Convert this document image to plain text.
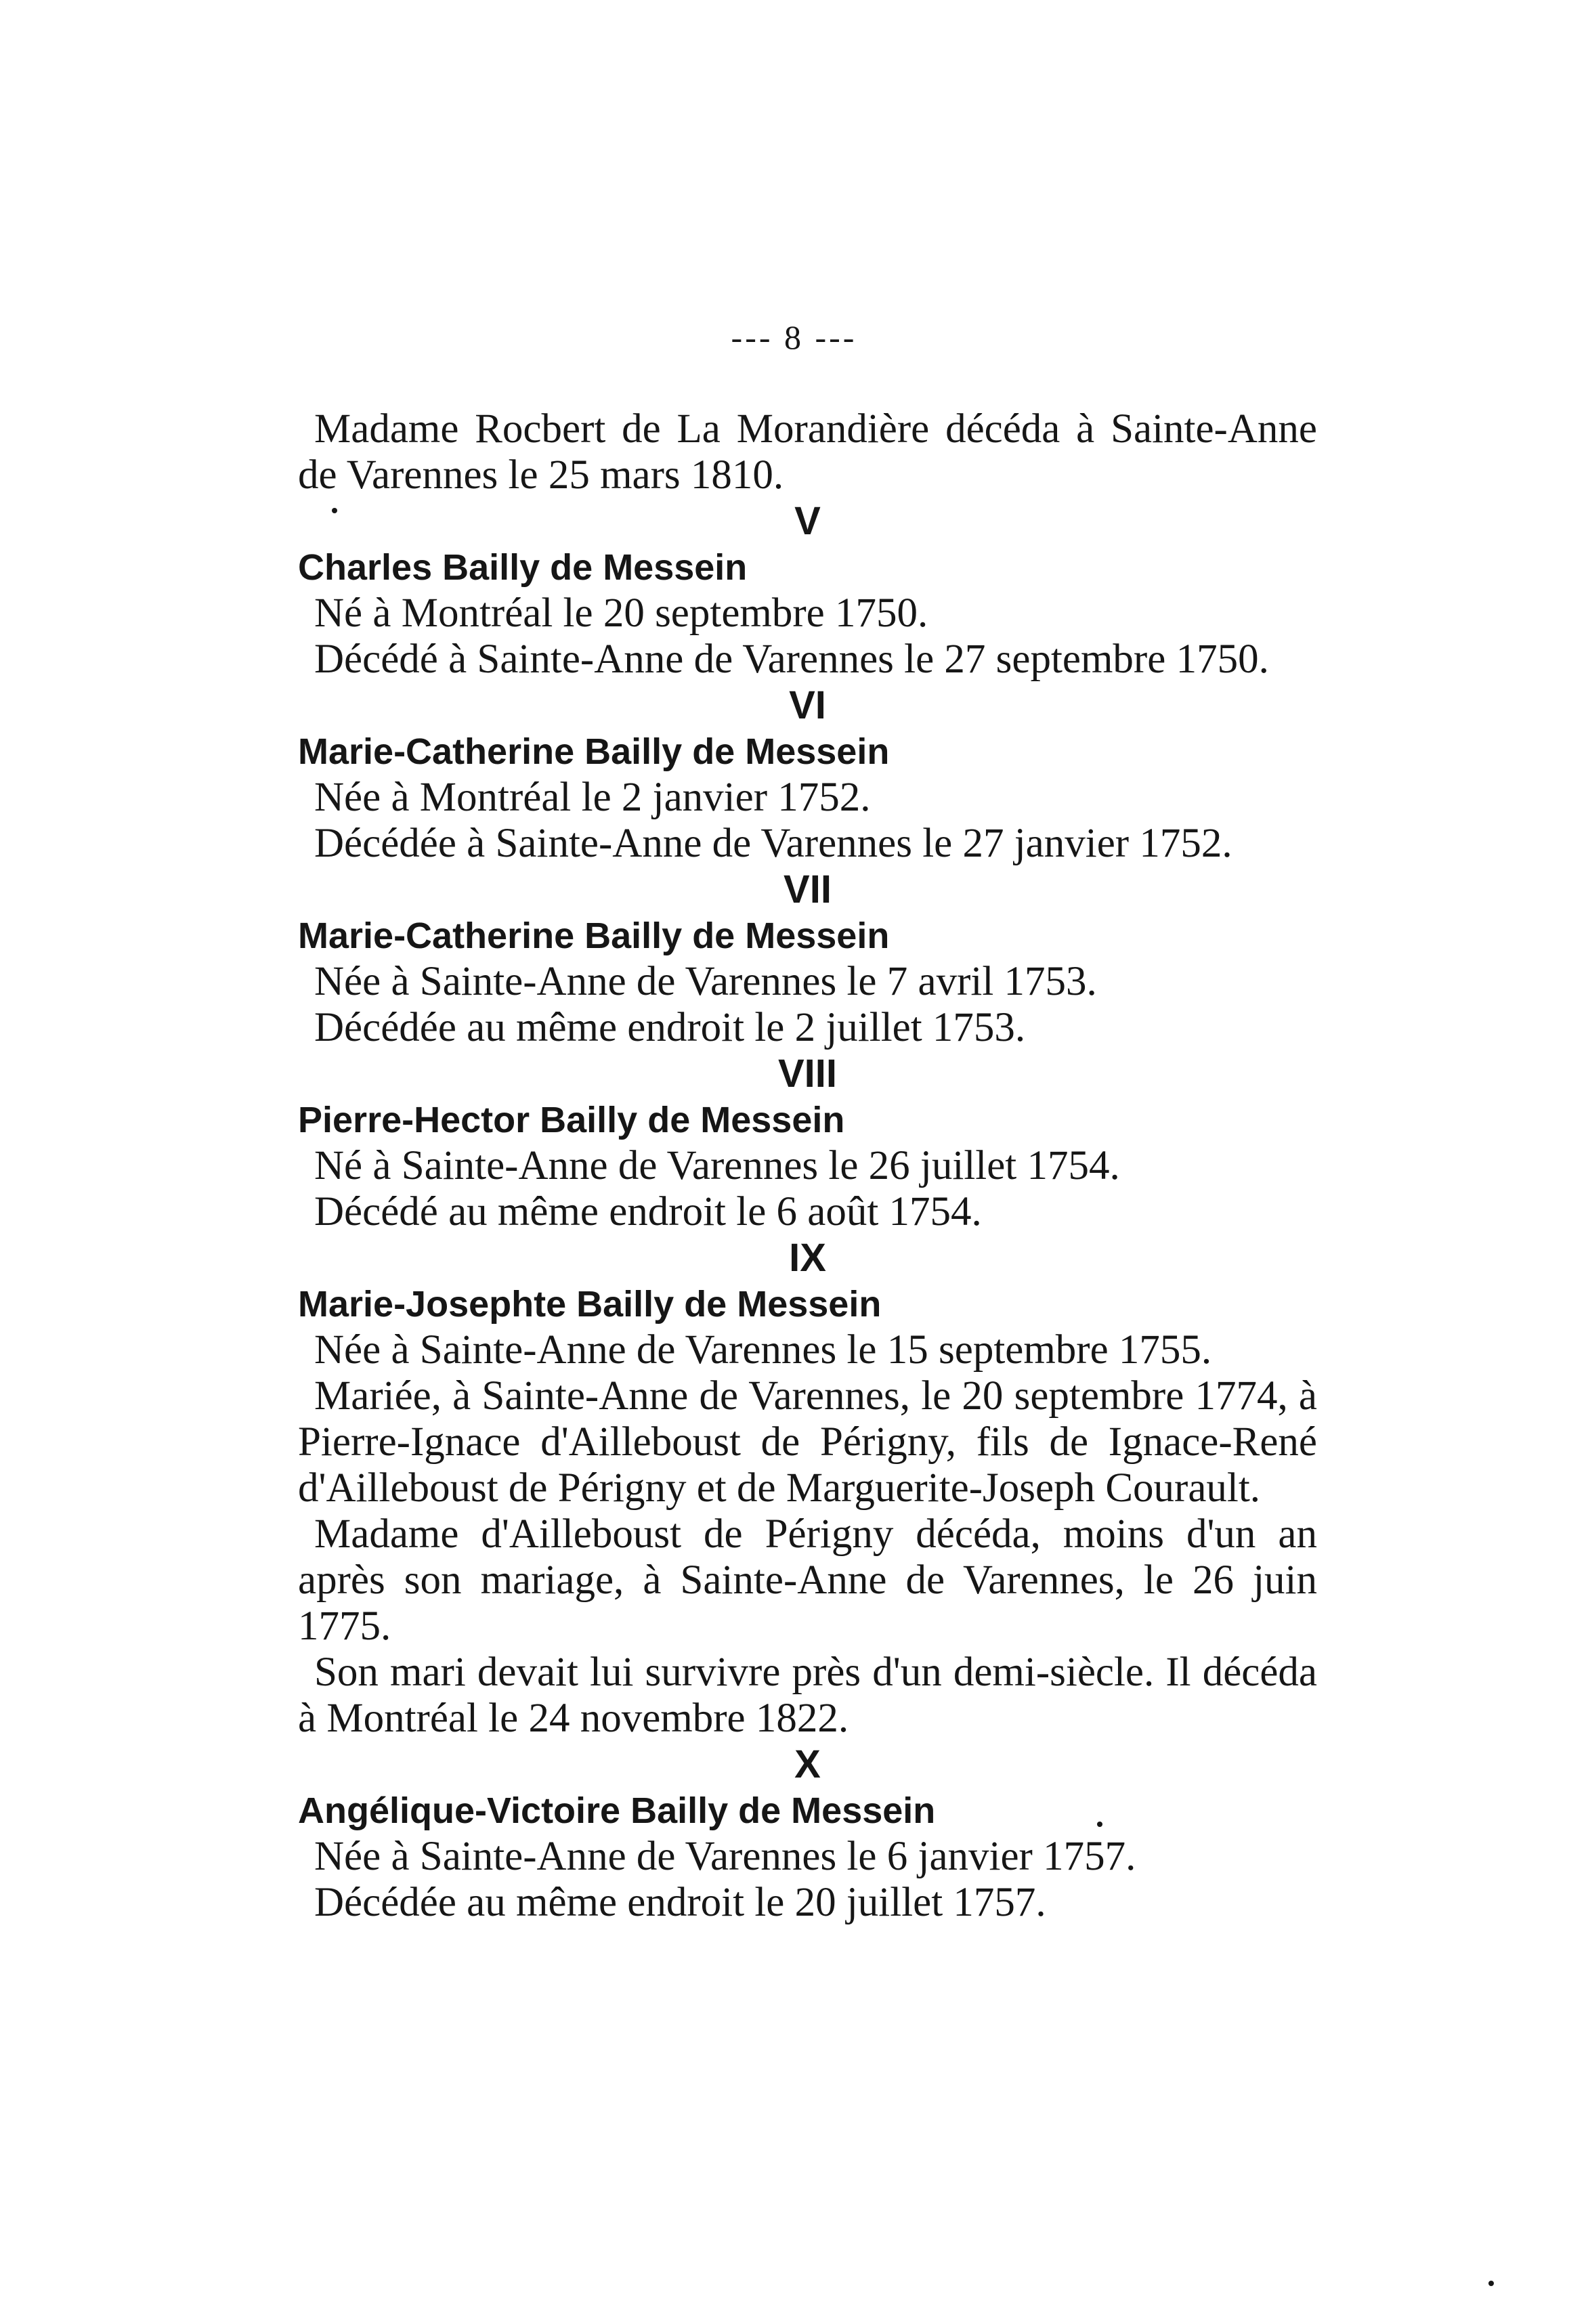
--- 8 ---

Madame Rocbert de La Morandière décéda à Sainte-Anne de Varennes le 25 mars 1810.

V

Charles Bailly de Messein

Né à Montréal le 20 septembre 1750.

Décédé à Sainte-Anne de Varennes le 27 septembre 1750.

VI

Marie-Catherine Bailly de Messein

Née à Montréal le 2 janvier 1752.

Décédée à Sainte-Anne de Varennes le 27 janvier 1752.

VII

Marie-Catherine Bailly de Messein

Née à Sainte-Anne de Varennes le 7 avril 1753.

Décédée au même endroit le 2 juillet 1753.

VIII

Pierre-Hector Bailly de Messein

Né à Sainte-Anne de Varennes le 26 juillet 1754.

Décédé au même endroit le 6 août 1754.

IX

Marie-Josephte Bailly de Messein

Née à Sainte-Anne de Varennes le 15 septembre 1755.

Mariée, à Sainte-Anne de Varennes, le 20 septembre 1774, à Pierre-Ignace d'Ailleboust de Périgny, fils de Ignace-René d'Ailleboust de Périgny et de Marguerite-Joseph Courault.

Madame d'Ailleboust de Périgny décéda, moins d'un an après son mariage, à Sainte-Anne de Varennes, le 26 juin 1775.

Son mari devait lui survivre près d'un demi-siècle. Il décéda à Montréal le 24 novembre 1822.

X

Angélique-Victoire Bailly de Messein

Née à Sainte-Anne de Varennes le 6 janvier 1757.

Décédée au même endroit le 20 juillet 1757.
